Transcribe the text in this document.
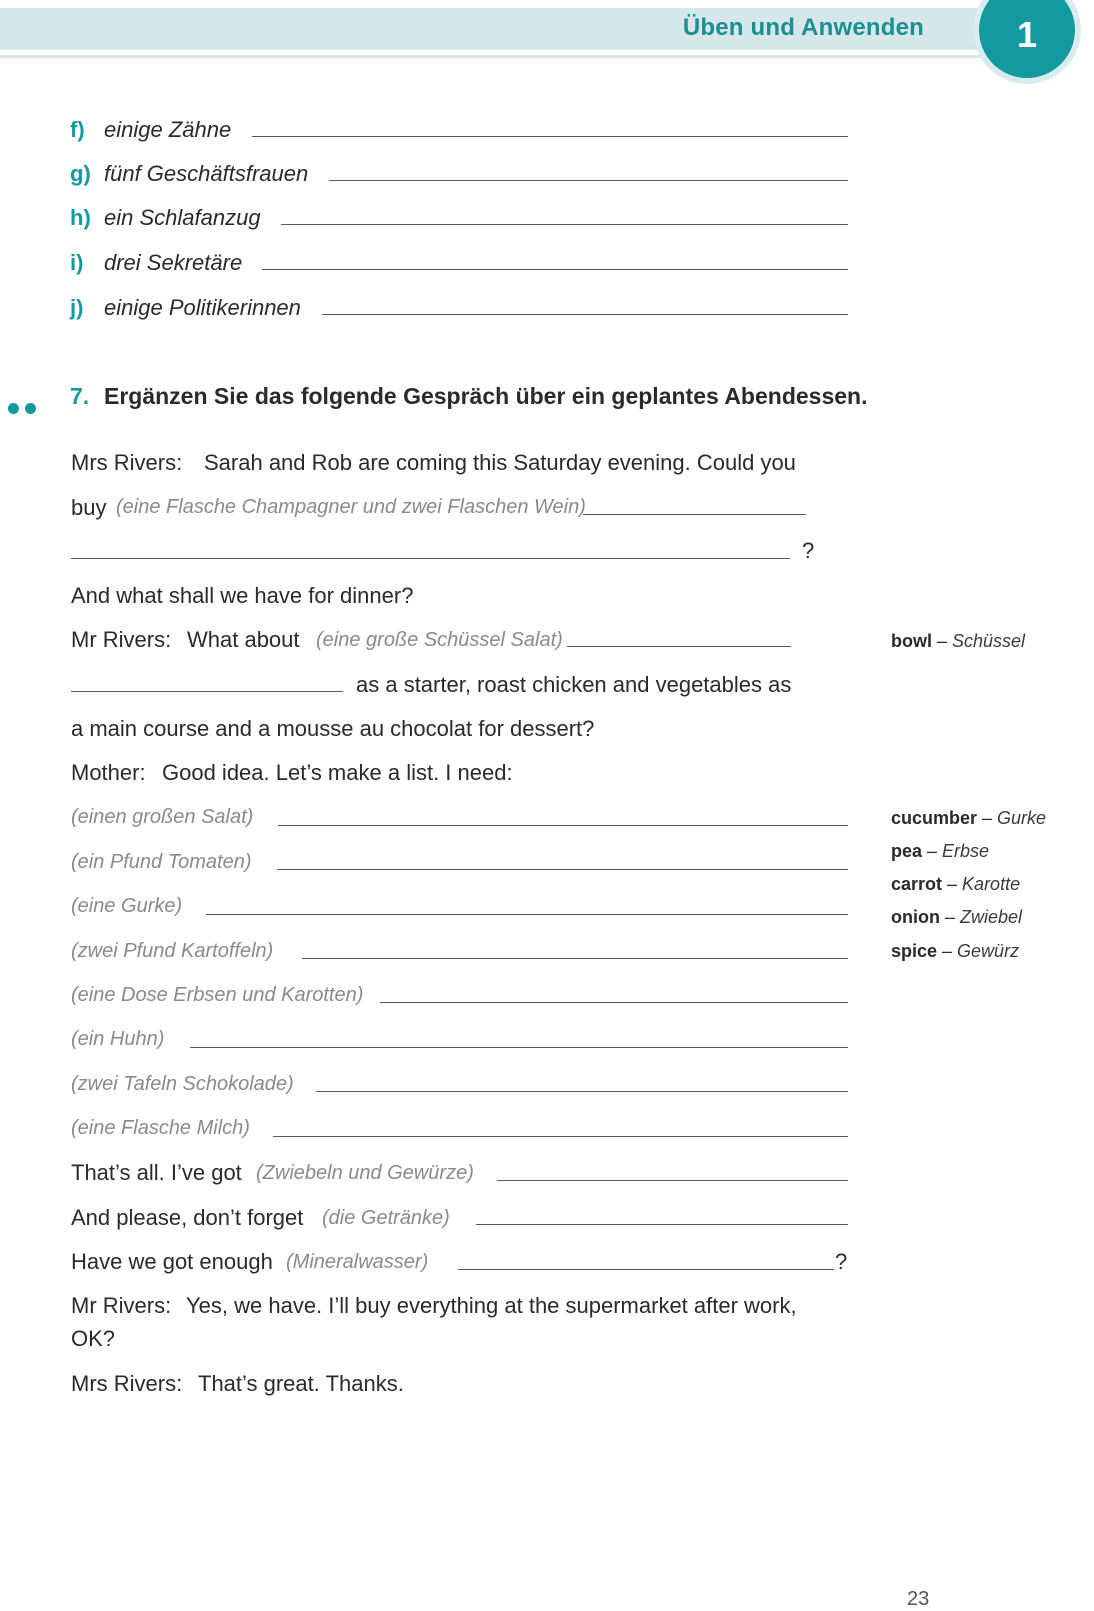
Üben und Anwenden	1
f) einige Zähne
g) fünf Geschäftsfrauen
h) ein Schlafanzug
i) drei Sekretäre
j) einige Politikerinnen
7. Ergänzen Sie das folgende Gespräch über ein geplantes Abendessen.
Mrs Rivers: Sarah and Rob are coming this Saturday evening. Could you
buy (eine Flasche Champagner und zwei Flaschen Wein)
?
And what shall we have for dinner?
Mr Rivers: What about (eine große Schüssel Salat)
as a starter, roast chicken and vegetables as
a main course and a mousse au chocolat for dessert?
Mother: Good idea. Let’s make a list. I need:
(einen großen Salat)
(ein Pfund Tomaten)
(eine Gurke)
(zwei Pfund Kartoffeln)
(eine Dose Erbsen und Karotten)
(ein Huhn)
(zwei Tafeln Schokolade)
(eine Flasche Milch)
That’s all. I’ve got (Zwiebeln und Gewürze)
And please, don’t forget (die Getränke)
Have we got enough (Mineralwasser)	?
Mr Rivers: Yes, we have. I’ll buy everything at the supermarket after work,
OK?
Mrs Rivers: That’s great. Thanks.
bowl – Schüssel
cucumber – Gurke
pea – Erbse
carrot – Karotte
onion – Zwiebel
spice – Gewürz
23
